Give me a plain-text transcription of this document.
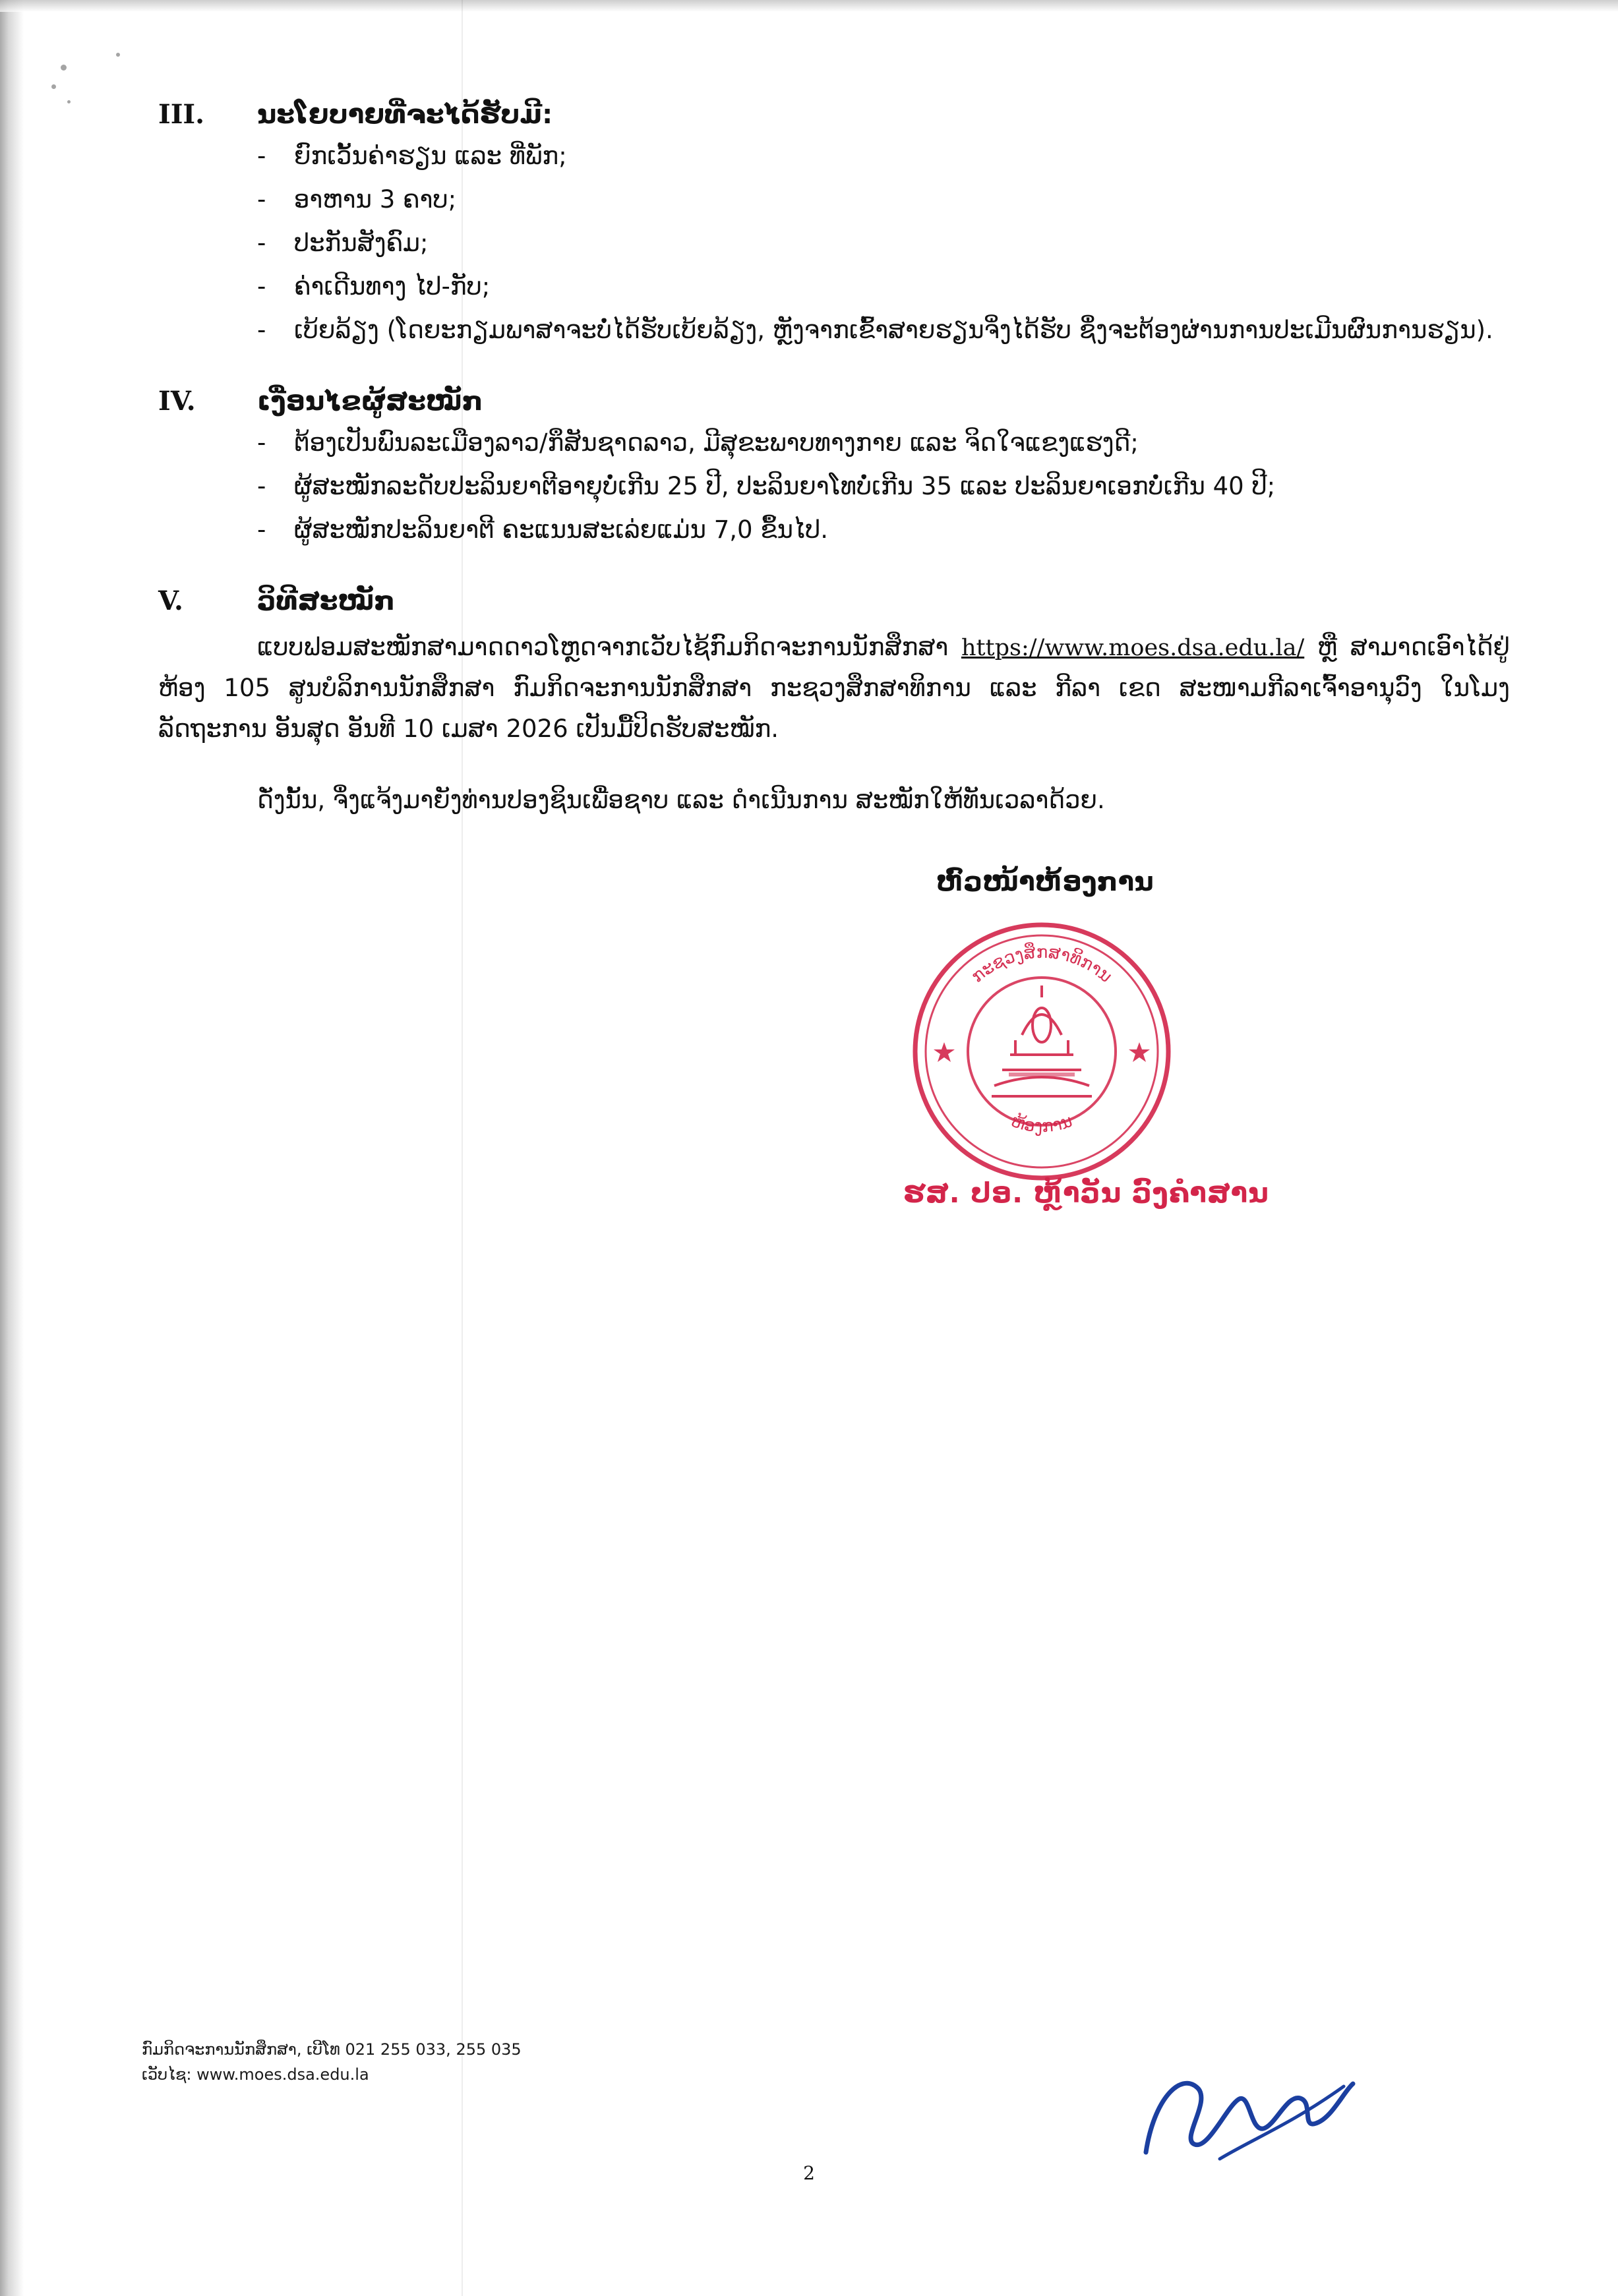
III.	ນະໂຍບາຍທີ່ຈະໄດ້ຮັບມີ:
-	ຍົກເວັ້ນຄ່າຮຽນ ແລະ ທີ່ພັກ;
-	ອາຫານ 3 ຄາບ;
-	ປະກັນສັງຄົມ;
-	ຄ່າເດີນທາງ ໄປ-ກັບ;
-	ເບ້ຍລ້ຽງ (ໂດຍະກຽມພາສາຈະບໍ່ໄດ້ຮັບເບ້ຍລ້ຽງ, ຫຼັງຈາກເຂົ້າສາຍຮຽນຈິ່ງໄດ້ຮັບ ຊຶ່ງຈະຕ້ອງຜ່ານການປະເມີນຜົນການຮຽນ).
IV.	ເງື່ອນໄຂຜູ້ສະໝັກ
-	ຕ້ອງເປັນພົນລະເມືອງລາວ/ກຶສັນຊາດລາວ, ມີສຸຂະພາບທາງກາຍ ແລະ ຈິດໃຈແຂງແຮງດີ;
-	ຜູ້ສະໝັກລະດັບປະລິນຍາຕີອາຍຸບໍ່ເກີນ 25 ປີ, ປະລິນຍາໂທບໍ່ເກີນ 35 ແລະ ປະລິນຍາເອກບໍ່ເກີນ 40 ປີ;
-	ຜູ້ສະໝັກປະລິນຍາຕີ ຄະແນນສະເລ່ຍແມ່ນ 7,0 ຂຶ້ນໄປ.
V.	ວິທີສະໝັກ

ແບບຟອມສະໝັກສາມາດດາວໂຫຼດຈາກເວັບໄຊ້ກົມກິດຈະການນັກສຶກສາ https://www.moes.dsa.edu.la/ ຫຼື ສາມາດເອົາໄດ້ຢູ່ຫ້ອງ 105 ສູນບໍລິການນັກສຶກສາ ກົມກິດຈະການນັກສຶກສາ ກະຊວງສຶກສາທິການ ແລະ ກີລາ ເຂດ ສະໜາມກີລາເຈົ້າອານຸວົງ ໃນໂມງລັດຖະການ ອັນສຸດ ອັນທີ 10 ເມສາ 2026 ເປັນມື້ປິດຮັບສະໝັກ.

ດັ່ງນັ້ນ, ຈຶ່ງແຈ້ງມາຍັງທ່ານປອງຊິນເພື່ອຊາບ ແລະ ດຳເນີນການ ສະໝັກໃຫ້ທັນເວລາດ້ວຍ.

ຫົວໜ້າຫ້ອງການ
ກະຊວງສຶກສາທິການ
ຫ້ອງການ
ຮສ. ປອ. ຫຼ້າວັນ ວົງຄຳສານ
ກົມກິດຈະການນັກສຶກສາ, ເບີໂທ 021 255 033, 255 035
ເວັບໄຊ: www.moes.dsa.edu.la
2
